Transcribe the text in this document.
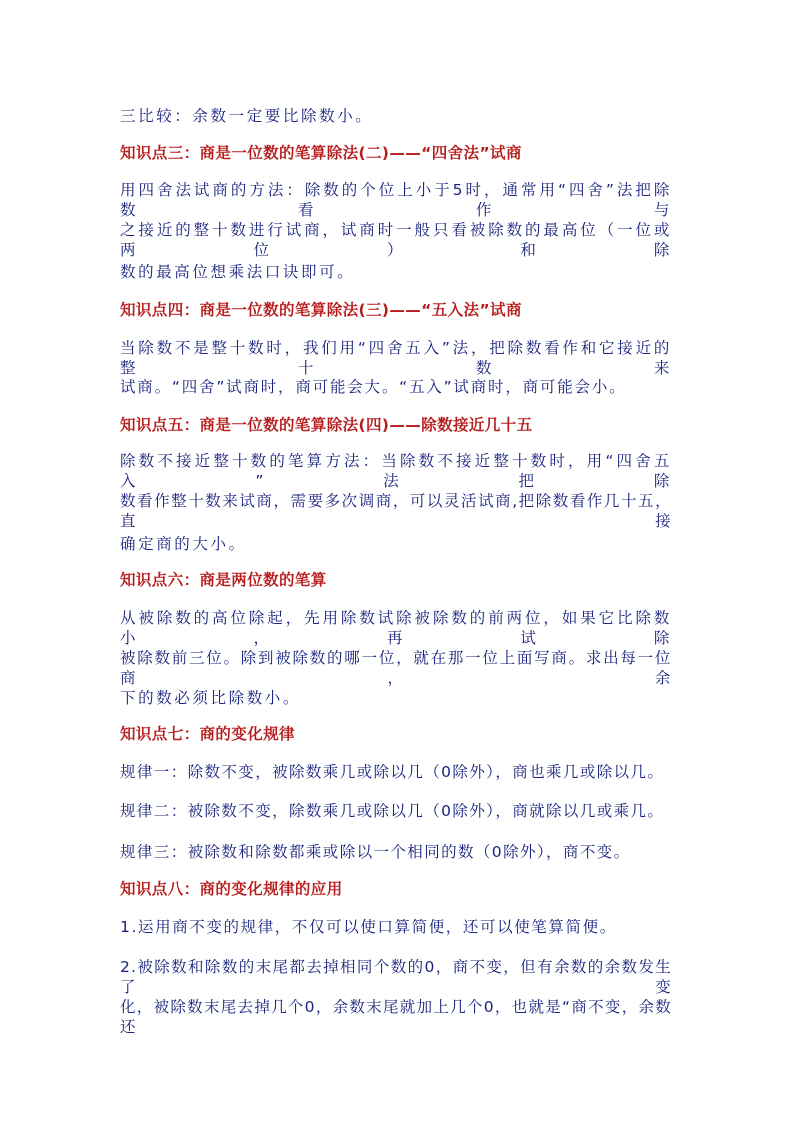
三比较：余数一定要比除数小。
知识点三：商是一位数的笔算除法(二)——“四舍法”试商
用四舍法试商的方法：除数的个位上小于5时，通常用“四舍”法把除数看作与
之接近的整十数进行试商，试商时一般只看被除数的最高位（一位或两位）和除
数的最高位想乘法口诀即可。
知识点四：商是一位数的笔算除法(三)——“五入法”试商
当除数不是整十数时，我们用“四舍五入”法，把除数看作和它接近的整十数来
试商。“四舍”试商时，商可能会大。“五入”试商时，商可能会小。
知识点五：商是一位数的笔算除法(四)——除数接近几十五
除数不接近整十数的笔算方法：当除数不接近整十数时，用“四舍五入”法把除
数看作整十数来试商，需要多次调商，可以灵活试商,把除数看作几十五，直接
确定商的大小。
知识点六：商是两位数的笔算
从被除数的高位除起，先用除数试除被除数的前两位，如果它比除数小，再试除
被除数前三位。除到被除数的哪一位，就在那一位上面写商。求出每一位商，余
下的数必须比除数小。
知识点七：商的变化规律
规律一：除数不变，被除数乘几或除以几（0除外），商也乘几或除以几。
规律二：被除数不变，除数乘几或除以几（0除外），商就除以几或乘几。
规律三：被除数和除数都乘或除以一个相同的数（0除外），商不变。
知识点八：商的变化规律的应用
1.运用商不变的规律，不仅可以使口算简便，还可以使笔算简便。
2.被除数和除数的末尾都去掉相同个数的0，商不变，但有余数的余数发生了变
化，被除数末尾去掉几个0，余数末尾就加上几个0，也就是“商不变，余数还
